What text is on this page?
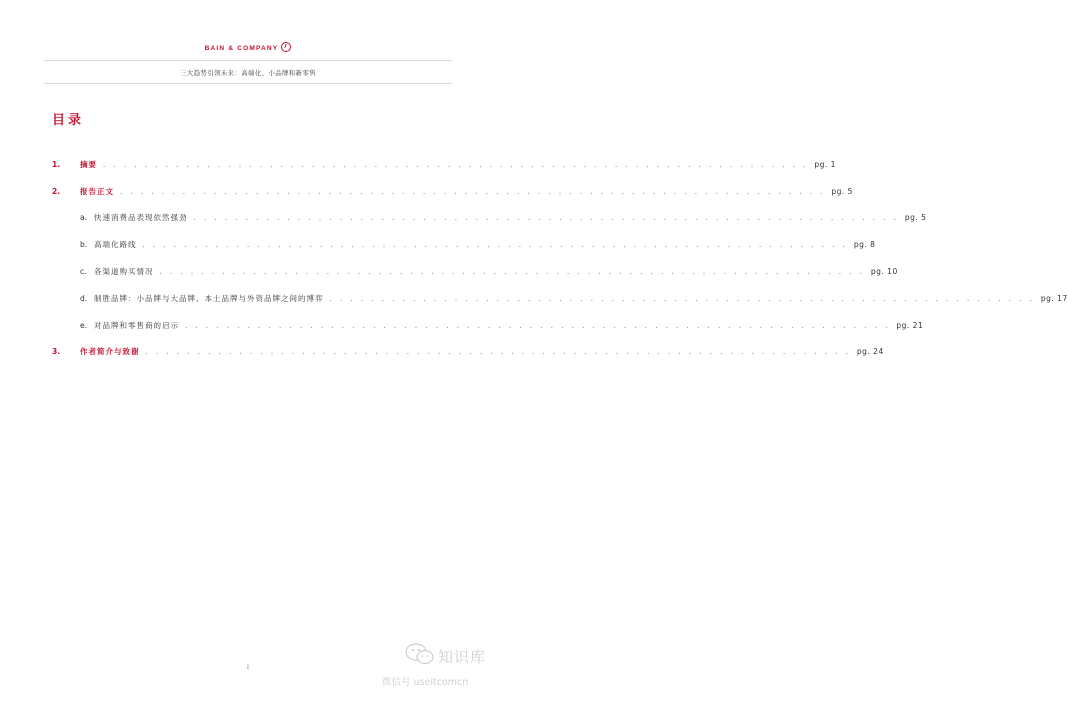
BAIN & COMPANY
三大趋势引领未来：高端化、小品牌和新零售
目录
1.	摘要 . . . . . . . . . . . . . . . . . . . . . . . . . . . . . . . . . . . . . . . . . . . . . . . . . . . . . . . . . . . . . . . . . . . . pg. 1
2.	报告正文 . . . . . . . . . . . . . . . . . . . . . . . . . . . . . . . . . . . . . . . . . . . . . . . . . . . . . . . . . . . . . . . . . . . . pg. 5
a. 快速消费品表现依然强劲 . . . . . . . . . . . . . . . . . . . . . . . . . . . . . . . . . . . . . . . . . . . . . . . . . . . . . . . . . . . . . . . . . . . . pg. 5
b. 高端化路线 . . . . . . . . . . . . . . . . . . . . . . . . . . . . . . . . . . . . . . . . . . . . . . . . . . . . . . . . . . . . . . . . . . . . pg. 8
c. 各渠道购买情况 . . . . . . . . . . . . . . . . . . . . . . . . . . . . . . . . . . . . . . . . . . . . . . . . . . . . . . . . . . . . . . . . . . . . pg. 10
d. 制胜品牌：小品牌与大品牌、本土品牌与外资品牌之间的博弈 . . . . . . . . . . . . . . . . . . . . . . . . . . . . . . . . . . . . . . . . . . . . . . . . . . . . . . . . . . . . . . . . . . . . pg. 17
e. 对品牌和零售商的启示 . . . . . . . . . . . . . . . . . . . . . . . . . . . . . . . . . . . . . . . . . . . . . . . . . . . . . . . . . . . . . . . . . . . . pg. 21
3.	作者简介与致谢 . . . . . . . . . . . . . . . . . . . . . . . . . . . . . . . . . . . . . . . . . . . . . . . . . . . . . . . . . . . . . . . . . . . . pg. 24
i
知识库
微信号 useitcomcn
